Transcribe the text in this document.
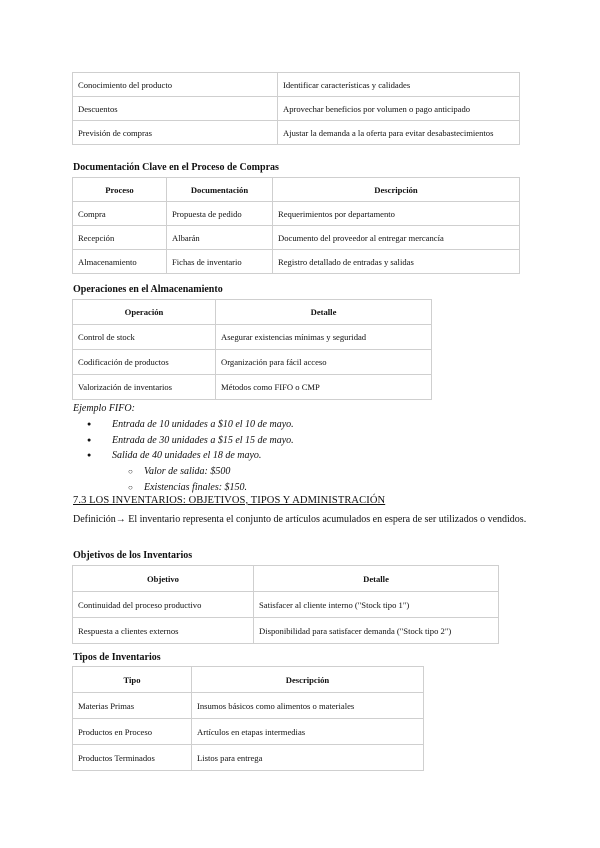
Conocimiento del producto	Identificar características y calidades
Descuentos	Aprovechar beneficios por volumen o pago anticipado
Previsión de compras	Ajustar la demanda a la oferta para evitar desabastecimientos
Documentación Clave en el Proceso de Compras
Proceso	Documentación	Descripción
Compra	Propuesta de pedido	Requerimientos por departamento
Recepción	Albarán	Documento del proveedor al entregar mercancía
Almacenamiento	Fichas de inventario	Registro detallado de entradas y salidas
Operaciones en el Almacenamiento
Operación	Detalle
Control de stock	Asegurar existencias mínimas y seguridad
Codificación de productos	Organización para fácil acceso
Valorización de inventarios	Métodos como FIFO o CMP
Ejemplo FIFO:
● Entrada de 10 unidades a $10 el 10 de mayo.
● Entrada de 30 unidades a $15 el 15 de mayo.
● Salida de 40 unidades el 18 de mayo.
○ Valor de salida: $500
○ Existencias finales: $150.
7.3 LOS INVENTARIOS: OBJETIVOS, TIPOS Y ADMINISTRACIÓN
Definición→ El inventario representa el conjunto de artículos acumulados en espera de ser utilizados o vendidos.
Objetivos de los Inventarios
Objetivo	Detalle
Continuidad del proceso productivo	Satisfacer al cliente interno ("Stock tipo 1")
Respuesta a clientes externos	Disponibilidad para satisfacer demanda ("Stock tipo 2")
Tipos de Inventarios
Tipo	Descripción
Materias Primas	Insumos básicos como alimentos o materiales
Productos en Proceso	Artículos en etapas intermedias
Productos Terminados	Listos para entrega
